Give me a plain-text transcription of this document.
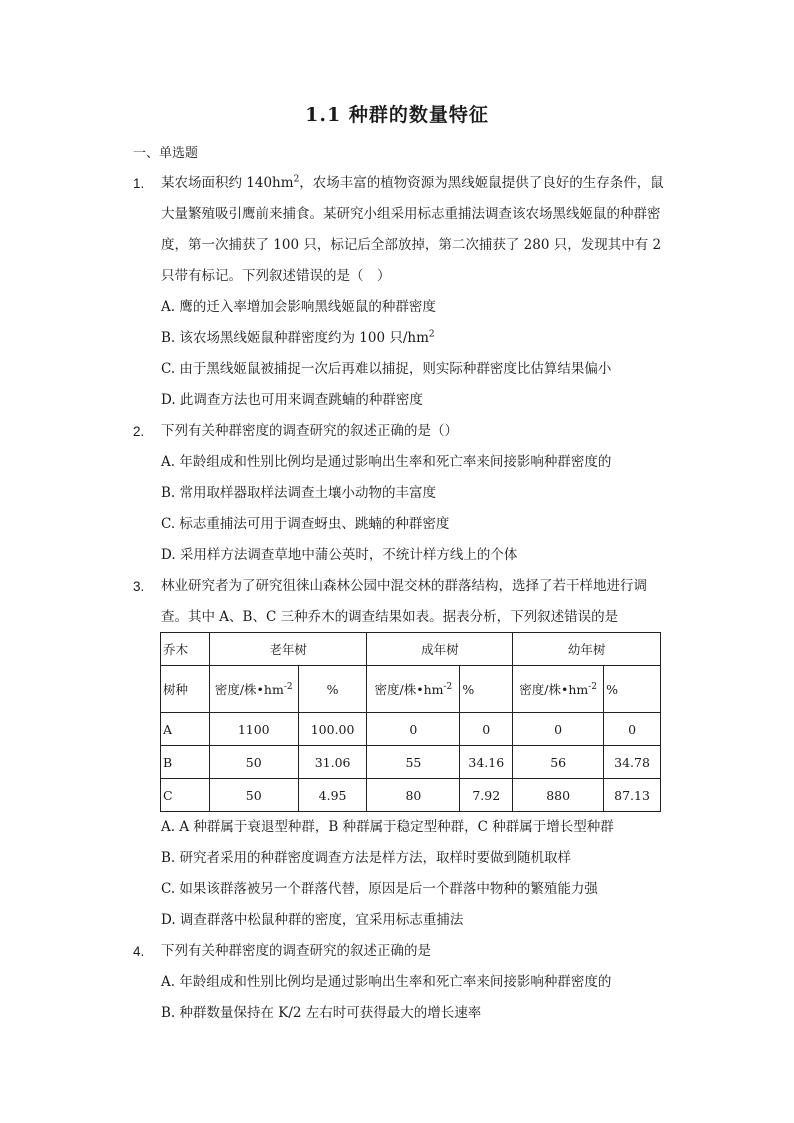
1.1 种群的数量特征
一、单选题
1.	某农场面积约 $140hm^2$，农场丰富的植物资源为黑线姬鼠提供了良好的生存条件，鼠大量繁殖吸引鹰前来捕食。某研究小组采用标志重捕法调查该农场黑线姬鼠的种群密度，第一次捕获了 100 只，标记后全部放掉，第二次捕获了 280 只，发现其中有 2 只带有标记。下列叙述错误的是（　）
A. 鹰的迁入率增加会影响黑线姬鼠的种群密度
B. 该农场黑线姬鼠种群密度约为 100 只$/hm^2$
C. 由于黑线姬鼠被捕捉一次后再难以捕捉，则实际种群密度比估算结果偏小
D. 此调查方法也可用来调查跳蝻的种群密度
2.	下列有关种群密度的调查研究的叙述正确的是（）
A. 年龄组成和性别比例均是通过影响出生率和死亡率来间接影响种群密度的
B. 常用取样器取样法调查土壤小动物的丰富度
C. 标志重捕法可用于调查蚜虫、跳蝻的种群密度
D. 采用样方法调查草地中蒲公英时，不统计样方线上的个体
3.	林业研究者为了研究徂徕山森林公园中混交林的群落结构，选择了若干样地进行调查。其中 A、B、C 三种乔木的调查结果如表。据表分析，下列叙述错误的是
乔木	老年树		成年树		幼年树	
树种	密度/株$•hm^{-2}$	%	密度/株$•hm^{-2}$	%	密度/株$•hm^{-2}$	%
A	1100	100.00	0	0	0	0
B	50	31.06	55	34.16	56	34.78
C	50	4.95	80	7.92	880	87.13
A. A 种群属于衰退型种群，B 种群属于稳定型种群，C 种群属于增长型种群
B. 研究者采用的种群密度调查方法是样方法，取样时要做到随机取样
C. 如果该群落被另一个群落代替，原因是后一个群落中物种的繁殖能力强
D. 调查群落中松鼠种群的密度，宜采用标志重捕法
4.	下列有关种群密度的调查研究的叙述正确的是
A. 年龄组成和性别比例均是通过影响出生率和死亡率来间接影响种群密度的
B. 种群数量保持在 K/2 左右时可获得最大的增长速率
